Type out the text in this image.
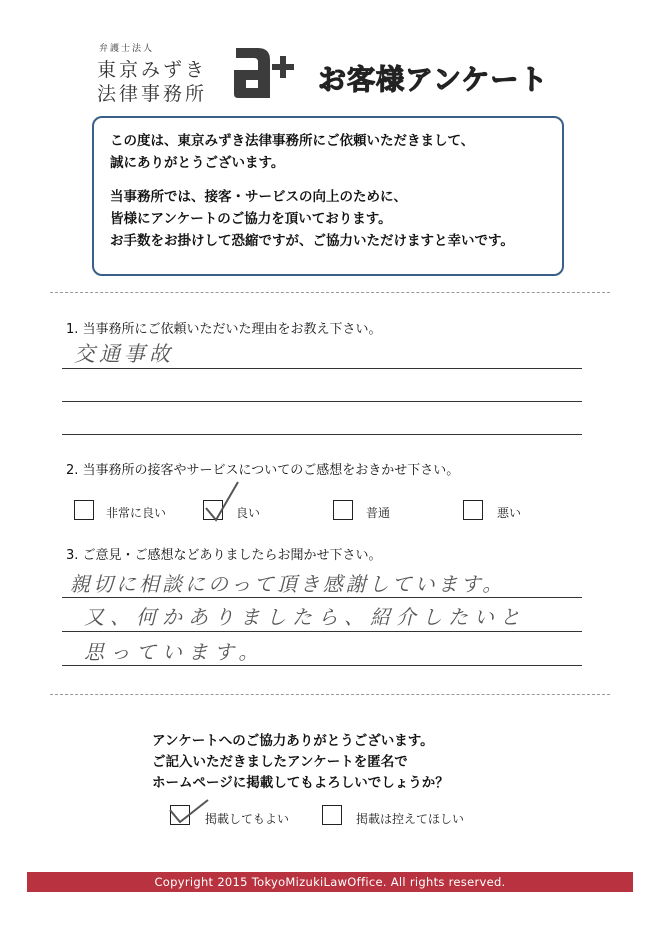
弁護士法人
東京みずき
法律事務所	お客様アンケート

この度は、東京みずき法律事務所にご依頼いただきまして、
誠にありがとうございます。

当事務所では、接客・サービスの向上のために、
皆様にアンケートのご協力を頂いております。
お手数をお掛けして恐縮ですが、ご協力いただけますと幸いです。

1. 当事務所にご依頼いただいた理由をお教え下さい。
交通事故
2. 当事務所の接客やサービスについてのご感想をおきかせ下さい。
非常に良い	良い	普通	悪い
3. ご意見・ご感想などありましたらお聞かせ下さい。
親切に相談にのって頂き感謝しています。
又、何かありましたら、紹介したいと
思っています。
アンケートへのご協力ありがとうございます。
ご記入いただきましたアンケートを匿名で
ホームページに掲載してもよろしいでしょうか？
掲載してもよい	掲載は控えてほしい
Copyright 2015 TokyoMizukiLawOffice. All rights reserved.
